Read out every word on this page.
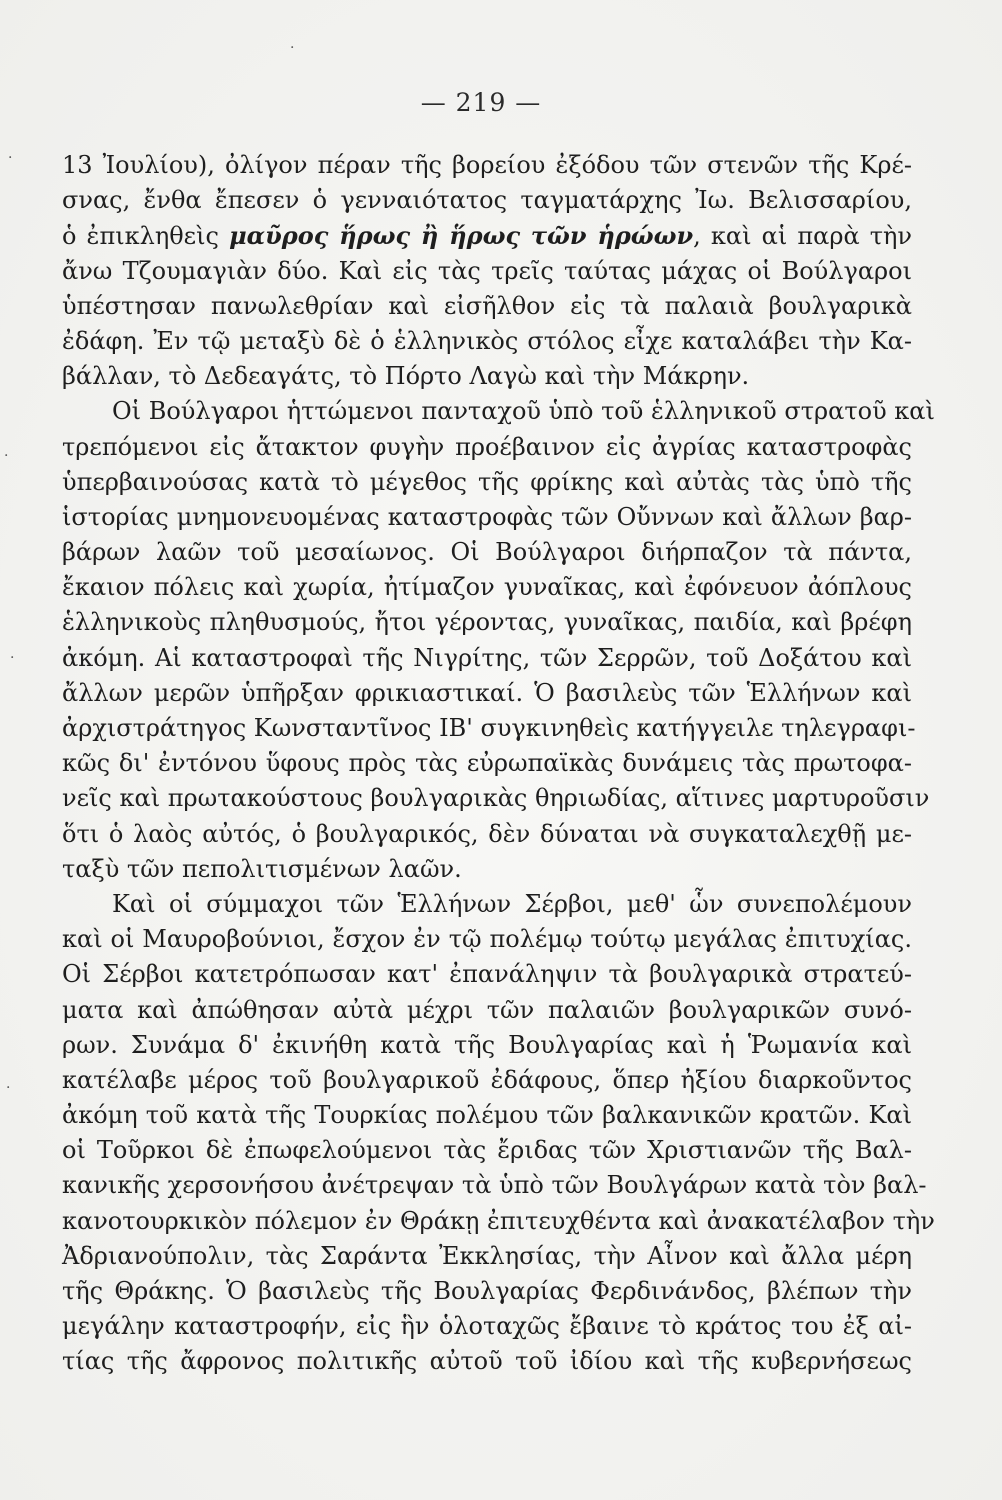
— 219 —
13 Ἰουλίου), ὀλίγον πέραν τῆς βορείου ἐξόδου τῶν στενῶν τῆς Κρέ-
σνας, ἔνθα ἔπεσεν ὁ γενναιότατος ταγματάρχης Ἰω. Βελισσαρίου,
ὁ ἐπικληθεὶς μαῦρος ἥρως ἢ ἥρως τῶν ἡρώων, καὶ αἱ παρὰ τὴν
ἄνω Τζουμαγιὰν δύο. Καὶ εἰς τὰς τρεῖς ταύτας μάχας οἱ Βούλγαροι
ὑπέστησαν πανωλεθρίαν καὶ εἰσῆλθον εἰς τὰ παλαιὰ βουλγαρικὰ
ἐδάφη. Ἐν τῷ μεταξὺ δὲ ὁ ἑλληνικὸς στόλος εἶχε καταλάβει τὴν Κα-
βάλλαν, τὸ Δεδεαγάτς, τὸ Πόρτο Λαγὼ καὶ τὴν Μάκρην.
Οἱ Βούλγαροι ἡττώμενοι πανταχοῦ ὑπὸ τοῦ ἑλληνικοῦ στρατοῦ καὶ
τρεπόμενοι εἰς ἄτακτον φυγὴν προέβαινον εἰς ἀγρίας καταστροφὰς
ὑπερβαινούσας κατὰ τὸ μέγεθος τῆς φρίκης καὶ αὐτὰς τὰς ὑπὸ τῆς
ἱστορίας μνημονευομένας καταστροφὰς τῶν Οὔννων καὶ ἄλλων βαρ-
βάρων λαῶν τοῦ μεσαίωνος. Οἱ Βούλγαροι διήρπαζον τὰ πάντα,
ἔκαιον πόλεις καὶ χωρία, ἠτίμαζον γυναῖκας, καὶ ἐφόνευον ἀόπλους
ἑλληνικοὺς πληθυσμούς, ἤτοι γέροντας, γυναῖκας, παιδία, καὶ βρέφη
ἀκόμη. Αἱ καταστροφαὶ τῆς Νιγρίτης, τῶν Σερρῶν, τοῦ Δοξάτου καὶ
ἄλλων μερῶν ὑπῆρξαν φρικιαστικαί. Ὁ βασιλεὺς τῶν Ἑλλήνων καὶ
ἀρχιστράτηγος Κωνσταντῖνος ΙΒ' συγκινηθεὶς κατήγγειλε τηλεγραφι-
κῶς δι' ἐντόνου ὕφους πρὸς τὰς εὐρωπαϊκὰς δυνάμεις τὰς πρωτοφα-
νεῖς καὶ πρωτακούστους βουλγαρικὰς θηριωδίας, αἵτινες μαρτυροῦσιν
ὅτι ὁ λαὸς αὐτός, ὁ βουλγαρικός, δὲν δύναται νὰ συγκαταλεχθῇ με-
ταξὺ τῶν πεπολιτισμένων λαῶν.
Καὶ οἱ σύμμαχοι τῶν Ἑλλήνων Σέρβοι, μεθ' ὧν συνεπολέμουν
καὶ οἱ Μαυροβούνιοι, ἔσχον ἐν τῷ πολέμῳ τούτῳ μεγάλας ἐπιτυχίας.
Οἱ Σέρβοι κατετρόπωσαν κατ' ἐπανάληψιν τὰ βουλγαρικὰ στρατεύ-
ματα καὶ ἀπώθησαν αὐτὰ μέχρι τῶν παλαιῶν βουλγαρικῶν συνό-
ρων. Συνάμα δ' ἐκινήθη κατὰ τῆς Βουλγαρίας καὶ ἡ Ῥωμανία καὶ
κατέλαβε μέρος τοῦ βουλγαρικοῦ ἐδάφους, ὅπερ ἠξίου διαρκοῦντος
ἀκόμη τοῦ κατὰ τῆς Τουρκίας πολέμου τῶν βαλκανικῶν κρατῶν. Καὶ
οἱ Τοῦρκοι δὲ ἐπωφελούμενοι τὰς ἔριδας τῶν Χριστιανῶν τῆς Βαλ-
κανικῆς χερσονήσου ἀνέτρεψαν τὰ ὑπὸ τῶν Βουλγάρων κατὰ τὸν βαλ-
κανοτουρκικὸν πόλεμον ἐν Θράκῃ ἐπιτευχθέντα καὶ ἀνακατέλαβον τὴν
Ἀδριανούπολιν, τὰς Σαράντα Ἐκκλησίας, τὴν Αἶνον καὶ ἄλλα μέρη
τῆς Θράκης. Ὁ βασιλεὺς τῆς Βουλγαρίας Φερδινάνδος, βλέπων τὴν
μεγάλην καταστροφήν, εἰς ἣν ὁλοταχῶς ἔβαινε τὸ κράτος του ἐξ αἰ-
τίας τῆς ἄφρονος πολιτικῆς αὐτοῦ τοῦ ἰδίου καὶ τῆς κυβερνήσεως
·
·
·
·
·
